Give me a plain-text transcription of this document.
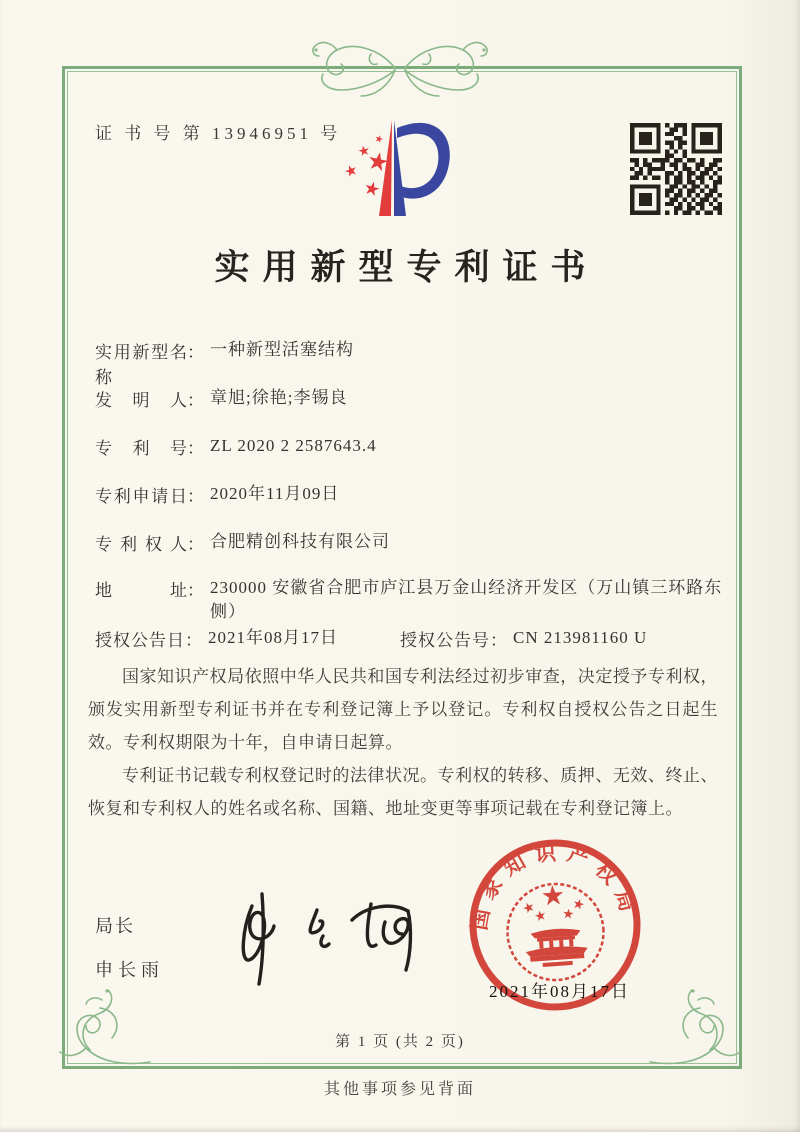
证 书 号 第 13946951 号
实用新型专利证书
实用新型名称
： 一种新型活塞结构
发明人 ： 章旭;徐艳;李锡良
专利号 ： ZL 2020 2 2587643.4
专利申请日 ： 2020年11月09日
专利权人 ： 合肥精创科技有限公司
地址 ： 230000 安徽省合肥市庐江县万金山经济开发区（万山镇三环路东侧）
授权公告日 ： 2021年08月17日	授权公告号 ： CN 213981160 U

国家知识产权局依照中华人民共和国专利法经过初步审查，决定授予专利权，颁发实用新型专利证书并在专利登记簿上予以登记。专利权自授权公告之日起生效。专利权期限为十年，自申请日起算。

专利证书记载专利权登记时的法律状况。专利权的转移、质押、无效、终止、恢复和专利权人的姓名或名称、国籍、地址变更等事项记载在专利登记簿上。

局长
申长雨
国家知识产权局
2021年08月17日
第 1 页 (共 2 页)
其他事项参见背面
